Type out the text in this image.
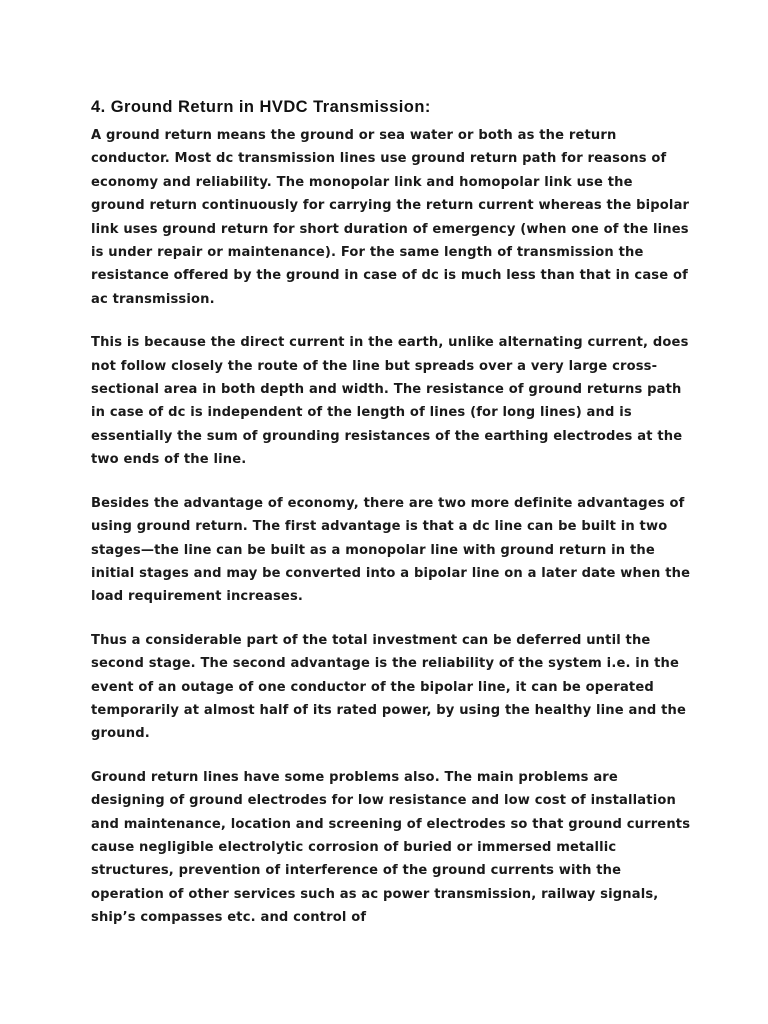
4. Ground Return in HVDC Transmission:

A ground return means the ground or sea water or both as the return conductor. Most dc transmission lines use ground return path for reasons of economy and reliability. The monopolar link and homopolar link use the ground return continuously for carrying the return current whereas the bipolar link uses ground return for short duration of emergency (when one of the lines is under repair or maintenance). For the same length of transmission the resistance offered by the ground in case of dc is much less than that in case of ac transmission.

This is because the direct current in the earth, unlike alternating current, does not follow closely the route of the line but spreads over a very large cross-sectional area in both depth and width. The resistance of ground returns path in case of dc is independent of the length of lines (for long lines) and is essentially the sum of grounding resistances of the earthing electrodes at the two ends of the line.

Besides the advantage of economy, there are two more definite advantages of using ground return. The first advantage is that a dc line can be built in two stages—the line can be built as a monopolar line with ground return in the initial stages and may be converted into a bipolar line on a later date when the load requirement increases.

Thus a considerable part of the total investment can be deferred until the second stage. The second advantage is the reliability of the system i.e. in the event of an outage of one conductor of the bipolar line, it can be operated temporarily at almost half of its rated power, by using the healthy line and the ground.

Ground return lines have some problems also. The main problems are designing of ground electrodes for low resistance and low cost of installation and maintenance, location and screening of electrodes so that ground currents cause negligible electrolytic corrosion of buried or immersed metallic structures, prevention of interference of the ground currents with the operation of other services such as ac power transmission, railway signals, ship’s compasses etc. and control of
